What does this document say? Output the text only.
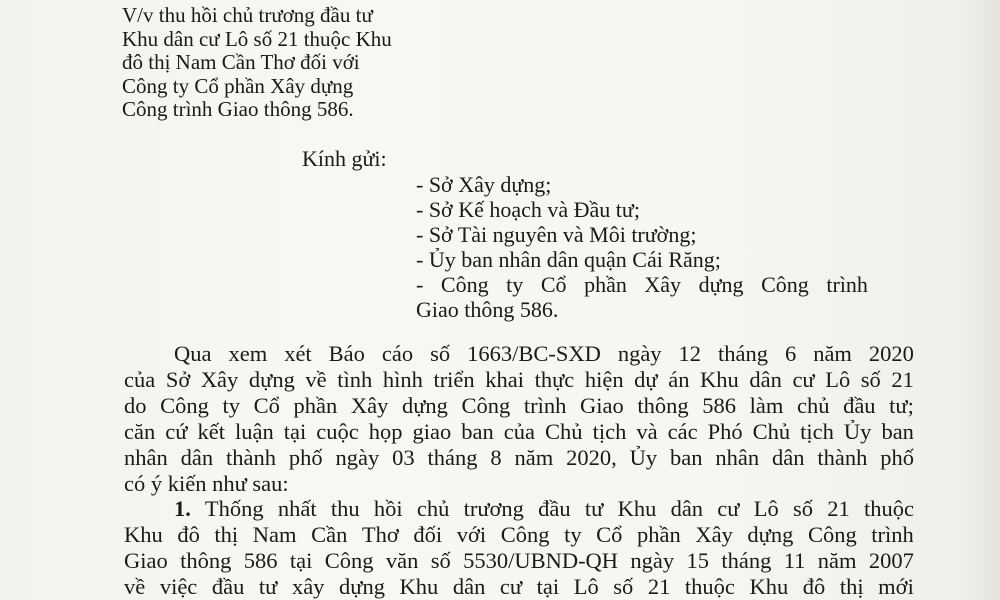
V/v thu hồi chủ trương đầu tư
Khu dân cư Lô số 21 thuộc Khu
đô thị Nam Cần Thơ đối với
Công ty Cổ phần Xây dựng
Công trình Giao thông 586.
Kính gửi:
- Sở Xây dựng;
- Sở Kế hoạch và Đầu tư;
- Sở Tài nguyên và Môi trường;
- Ủy ban nhân dân quận Cái Răng;
- Công ty Cổ phần Xây dựng Công trình
Giao thông 586.
Qua xem xét Báo cáo số 1663/BC-SXD ngày 12 tháng 6 năm 2020
của Sở Xây dựng về tình hình triển khai thực hiện dự án Khu dân cư Lô số 21
do Công ty Cổ phần Xây dựng Công trình Giao thông 586 làm chủ đầu tư;
căn cứ kết luận tại cuộc họp giao ban của Chủ tịch và các Phó Chủ tịch Ủy ban
nhân dân thành phố ngày 03 tháng 8 năm 2020, Ủy ban nhân dân thành phố
có ý kiến như sau:
1. Thống nhất thu hồi chủ trương đầu tư Khu dân cư Lô số 21 thuộc
Khu đô thị Nam Cần Thơ đối với Công ty Cổ phần Xây dựng Công trình
Giao thông 586 tại Công văn số 5530/UBND-QH ngày 15 tháng 11 năm 2007
về việc đầu tư xây dựng Khu dân cư tại Lô số 21 thuộc Khu đô thị mới
